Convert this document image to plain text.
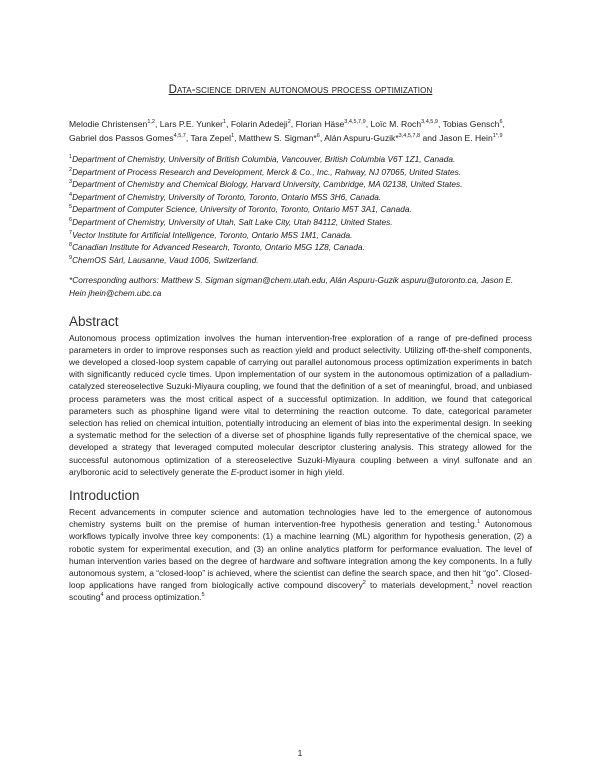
Data-science driven autonomous process optimization

Melodie Christensen$^{1,2}$, Lars P.E. Yunker$^1$, Folarin Adedeji$^2$, Florian Häse$^{3,4,5,7,9}$, Loïc M. Roch$^{3,4,5,9}$, Tobias Gensch$^6$, Gabriel dos Passos Gomes$^{4,5,7}$, Tara Zepel$^1$, Matthew S. Sigman*$^6$, Alán Aspuru-Guzik*$^{3,4,5,7,8}$ and Jason E. Hein$^{1*,9}$

$^1$Department of Chemistry, University of British Columbia, Vancouver, British Columbia V6T 1Z1, Canada.
$^2$Department of Process Research and Development, Merck & Co., Inc., Rahway, NJ 07065, United States.
$^3$Department of Chemistry and Chemical Biology, Harvard University, Cambridge, MA 02138, United States.
$^4$Department of Chemistry, University of Toronto, Toronto, Ontario M5S 3H6, Canada.
$^5$Department of Computer Science, University of Toronto, Toronto, Ontario M5T 3A1, Canada.
$^6$Department of Chemistry, University of Utah, Salt Lake City, Utah 84112, United States.
$^7$Vector Institute for Artificial Intelligence, Toronto, Ontario M5S 1M1, Canada.
$^8$Canadian Institute for Advanced Research, Toronto, Ontario M5G 1Z8, Canada.
$^9$ChemOS Sàrl, Lausanne, Vaud 1006, Switzerland.

*Corresponding authors: Matthew S. Sigman sigman@chem.utah.edu, Alán Aspuru-Guzik aspuru@utoronto.ca, Jason E. Hein jhein@chem.ubc.ca

Abstract

Autonomous process optimization involves the human intervention-free exploration of a range of pre-defined process parameters in order to improve responses such as reaction yield and product selectivity. Utilizing off-the-shelf components, we developed a closed-loop system capable of carrying out parallel autonomous process optimization experiments in batch with significantly reduced cycle times. Upon implementation of our system in the autonomous optimization of a palladium-catalyzed stereoselective Suzuki-Miyaura coupling, we found that the definition of a set of meaningful, broad, and unbiased process parameters was the most critical aspect of a successful optimization. In addition, we found that categorical parameters such as phosphine ligand were vital to determining the reaction outcome. To date, categorical parameter selection has relied on chemical intuition, potentially introducing an element of bias into the experimental design. In seeking a systematic method for the selection of a diverse set of phosphine ligands fully representative of the chemical space, we developed a strategy that leveraged computed molecular descriptor clustering analysis. This strategy allowed for the successful autonomous optimization of a stereoselective Suzuki-Miyaura coupling between a vinyl sulfonate and an arylboronic acid to selectively generate the E-product isomer in high yield.

Introduction

Recent advancements in computer science and automation technologies have led to the emergence of autonomous chemistry systems built on the premise of human intervention-free hypothesis generation and testing.$^1$ Autonomous workflows typically involve three key components: (1) a machine learning (ML) algorithm for hypothesis generation, (2) a robotic system for experimental execution, and (3) an online analytics platform for performance evaluation. The level of human intervention varies based on the degree of hardware and software integration among the key components. In a fully autonomous system, a “closed-loop” is achieved, where the scientist can define the search space, and then hit “go”. Closed-loop applications have ranged from biologically active compound discovery$^2$ to materials development,$^3$ novel reaction scouting$^4$ and process optimization.$^5$

1
